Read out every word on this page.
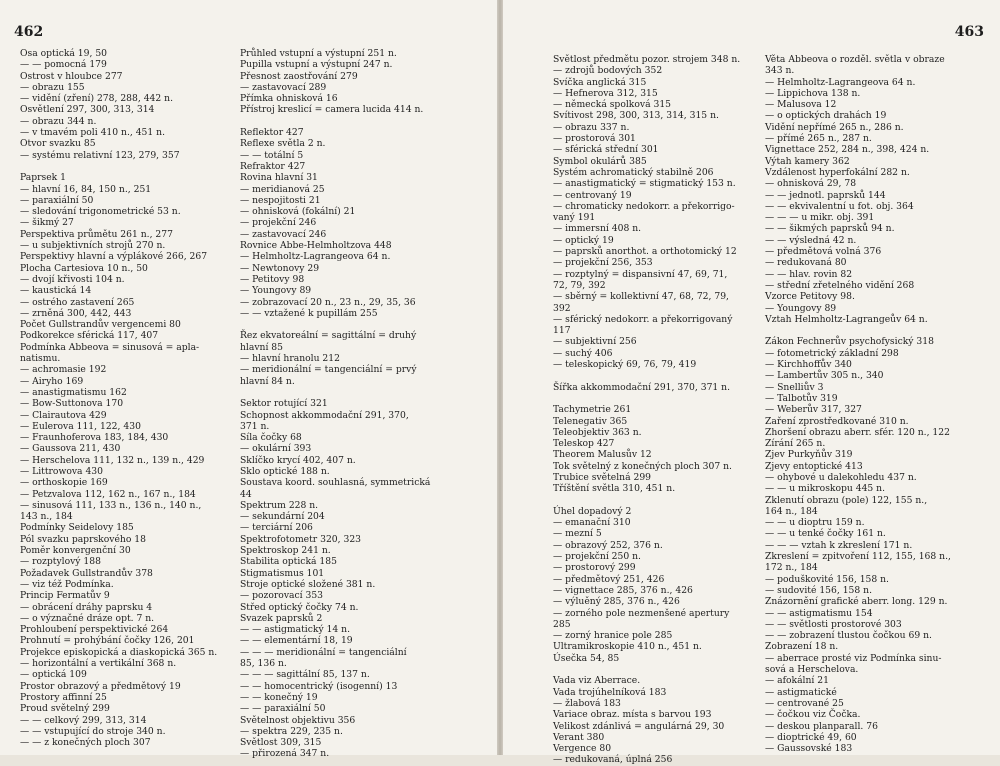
462
Osa optická 19, 50
— — pomocná 179
Ostrost v hloubce 277
— obrazu 155
— vidění (zření) 278, 288, 442 n.
Osvětlení 297, 300, 313, 314
— obrazu 344 n.
— v tmavém poli 410 n., 451 n.
Otvor svazku 85
— systému relativní 123, 279, 357
Paprsek 1
— hlavní 16, 84, 150 n., 251
— paraxiální 50
— sledování trigonometrické 53 n.
— šikmý 27
Perspektiva průmětu 261 n., 277
— u subjektivních strojů 270 n.
Perspektivy hlavní a výplákové 266, 267
Plocha Cartesiova 10 n., 50
— dvojí křivosti 104 n.
— kaustická 14
— ostrého zastavení 265
— zrněná 300, 442, 443
Počet Gullstrandův vergencemi 80
Podkorekce sférická 117, 407
Podmínka Abbeova = sinusová = apla-
natismu.
— achromasie 192
— Airyho 169
— anastigmatismu 162
— Bow-Suttonova 170
— Clairautova 429
— Eulerova 111, 122, 430
— Fraunhoferova 183, 184, 430
— Gaussova 211, 430
— Herschelova 111, 132 n., 139 n., 429
— Littrowova 430
— orthoskopie 169
— Petzvalova 112, 162 n., 167 n., 184
— sinusová 111, 133 n., 136 n., 140 n.,
143 n., 184
Podmínky Seidelovy 185
Pól svazku paprskového 18
Poměr konvergenční 30
— rozptylový 188
Požadavek Gullstrandův 378
— viz též Podmínka.
Princip Fermatův 9
— obrácení dráhy paprsku 4
— o význačné dráze opt. 7 n.
Prohloubení perspektivické 264
Prohnutí = prohýbání čočky 126, 201
Projekce episkopická a diaskopická 365 n.
— horizontální a vertikální 368 n.
— optická 109
Prostor obrazový a předmětový 19
Prostory affinní 25
Proud světelný 299
— — celkový 299, 313, 314
— — vstupující do stroje 340 n.
— — z konečných ploch 307
Průhled vstupní a výstupní 251 n.
Pupilla vstupní a výstupní 247 n.
Přesnost zaostřování 279
— zastavovací 289
Přímka ohnisková 16
Přístroj kreslicí = camera lucida 414 n.
Reflektor 427
Reflexe světla 2 n.
— — totální 5
Refraktor 427
Rovina hlavní 31
— meridianová 25
— nespojitosti 21
— ohnisková (fokální) 21
— projekční 246
— zastavovací 246
Rovnice Abbe-Helmholtzova 448
— Helmholtz-Lagrangeova 64 n.
— Newtonovy 29
— Petitovy 98
— Youngovy 89
— zobrazovací 20 n., 23 n., 29, 35, 36
— — vztažené k pupillám 255
Řez ekvatoreální = sagittální = druhý
hlavní 85
— hlavní hranolu 212
— meridionální = tangenciální = prvý
hlavní 84 n.
Sektor rotující 321
Schopnost akkommodační 291, 370,
371 n.
Síla čočky 68
— okulární 393
Sklíčko krycí 402, 407 n.
Sklo optické 188 n.
Soustava koord. souhlasná, symmetrická
44
Spektrum 228 n.
— sekundární 204
— terciární 206
Spektrofotometr 320, 323
Spektroskop 241 n.
Stabilita optická 185
Stigmatismus 101
Stroje optické složené 381 n.
— pozorovací 353
Střed optický čočky 74 n.
Svazek paprsků 2
— — astigmatický 14 n.
— — elementární 18, 19
— — — meridionální = tangenciální
85, 136 n.
— — — sagittální 85, 137 n.
— — homocentrický (isogenní) 13
— — konečný 19
— — paraxiální 50
Světelnost objektivu 356
— spektra 229, 235 n.
Světlost 309, 315
— přirozená 347 n.
463
Světlost předmětu pozor. strojem 348 n.
— zdrojů bodových 352
Svíčka anglická 315
— Hefnerova 312, 315
— německá spolková 315
Svítivost 298, 300, 313, 314, 315 n.
— obrazu 337 n.
— prostorová 301
— sférická střední 301
Symbol okulárů 385
Systém achromatický stabilně 206
— anastigmatický = stigmatický 153 n.
— centrovaný 19
— chromaticky nedokorr. a překorrigo-
vaný 191
— immersní 408 n.
— optický 19
— paprsků anorthot. a orthotomický 12
— projekční 256, 353
— rozptylný = dispansivní 47, 69, 71,
72, 79, 392
— sběrný = kollektivní 47, 68, 72, 79,
392
— sférický nedokorr. a překorrigovaný
117
— subjektivní 256
— suchý 406
— teleskopický 69, 76, 79, 419
Šířka akkommodační 291, 370, 371 n.
Tachymetrie 261
Telenegativ 365
Teleobjektiv 363 n.
Teleskop 427
Theorem Malusův 12
Tok světelný z konečných ploch 307 n.
Trubice světelná 299
Tříštění světla 310, 451 n.
Úhel dopadový 2
— emanační 310
— mezní 5
— obrazový 252, 376 n.
— projekční 250 n.
— prostorový 299
— předmětový 251, 426
— vignettace 285, 376 n., 426
— výluěný 285, 376 n., 426
— zorného pole nezmenšené apertury
285
— zorný hranice pole 285
Ultramikroskopie 410 n., 451 n.
Úsečka 54, 85
Vada viz Aberrace.
Vada trojúhelníková 183
— žlabová 183
Variace obraz. místa s barvou 193
Velikost zdánlivá = angulárná 29, 30
Verant 380
Vergence 80
— redukovaná, úplná 256
Věta Abbeova o rozděl. světla v obraze
343 n.
— Helmholtz-Lagrangeova 64 n.
— Lippichova 138 n.
— Malusova 12
— o optických drahách 19
Vidění nepřímé 265 n., 286 n.
— přímé 265 n., 287 n.
Vignettace 252, 284 n., 398, 424 n.
Výtah kamery 362
Vzdálenost hyperfokální 282 n.
— ohnisková 29, 78
— — jednotl. paprsků 144
— — ekvivalentní u fot. obj. 364
— — — u mikr. obj. 391
— — šikmých paprsků 94 n.
— — výsledná 42 n.
— předmětová volná 376
— redukovaná 80
— — hlav. rovin 82
— střední zřetelného vidění 268
Vzorce Petitovy 98.
— Youngovy 89
Vztah Helmholtz-Lagrangeův 64 n.
Zákon Fechnerův psychofysický 318
— fotometrický základní 298
— Kirchhoffův 340
— Lambertův 305 n., 340
— Snelliův 3
— Talbotův 319
— Weberův 317, 327
Zaření zprostředkované 310 n.
Zhoršení obrazu aberr. sfér. 120 n., 122
Zírání 265 n.
Zjev Purkyňův 319
Zjevy entoptické 413
— ohybové u dalekohledu 437 n.
— — u mikroskopu 445 n.
Zklenutí obrazu (pole) 122, 155 n.,
164 n., 184
— — u dioptru 159 n.
— — u tenké čočky 161 n.
— — — vztah k zkreslení 171 n.
Zkreslení = zpitvoření 112, 155, 168 n.,
172 n., 184
— poduškovité 156, 158 n.
— sudovité 156, 158 n.
Znázornění grafické aberr. long. 129 n.
— — astigmatismu 154
— — světlosti prostorové 303
— — zobrazení tlustou čočkou 69 n.
Zobrazení 18 n.
— aberrace prosté viz Podmínka sinu-
sová a Herschelova.
— afokální 21
— astigmatické
— centrované 25
— čočkou viz Čočka.
— deskou planparall. 76
— dioptrické 49, 60
— Gaussovské 183
